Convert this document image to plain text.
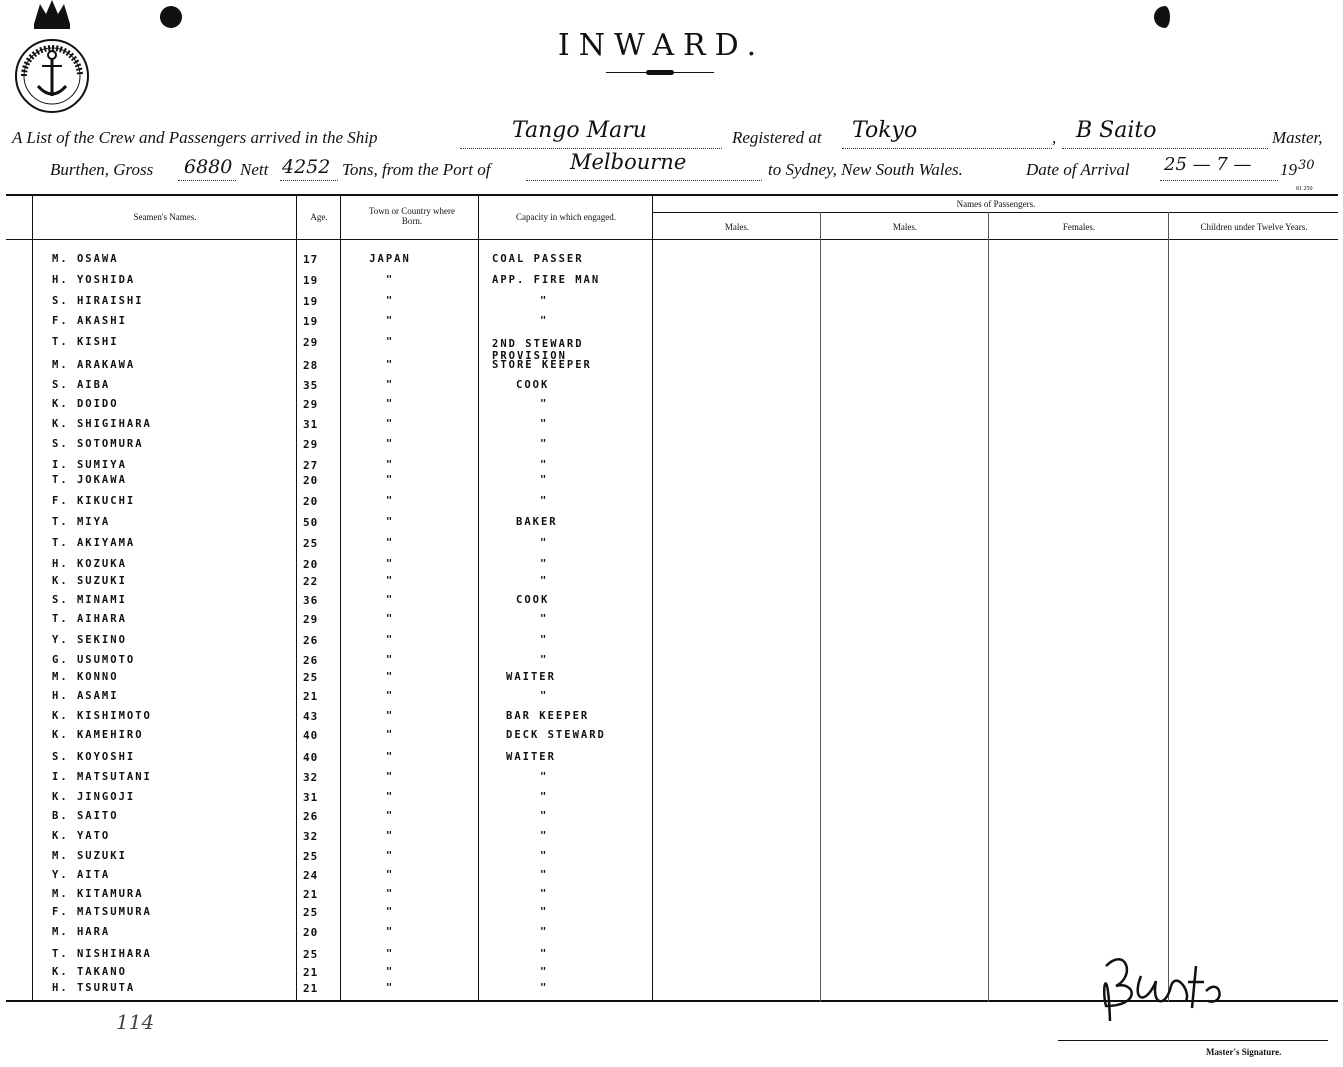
INWARD.
A List of the Crew and Passengers arrived in the Ship	Tango Maru	Registered at Tokyo	, B Saito	Master,
Burthen, Gross 6880 Nett 4252 Tons, from the Port of	Melbourne	to Sydney, New South Wales.	Date of Arrival 25 — 7 — 19 30
81 250
Seamen's Names.	Age.
Town or Country where Born.	Capacity in which engaged.
Names of Passengers.
Males.	Males.	Females.	Children under Twelve Years.
M. OSAWA	17	JAPAN	COAL PASSER
H. YOSHIDA	19	"	APP. FIRE MAN
S. HIRAISHI	19	"	"
F. AKASHI	19	"	"
T. KISHI	29	"	2ND STEWARD
PROVISION
M. ARAKAWA	28	"	STORE KEEPER
S. AIBA	35	"	COOK
K. DOIDO	29	"	"
K. SHIGIHARA	31	"	"
S. SOTOMURA	29	"	"
I. SUMIYA	27	"	"
T. JOKAWA	20	"	"
F. KIKUCHI	20	"	"
T. MIYA	50	"	BAKER
T. AKIYAMA	25	"	"
H. KOZUKA	20	"	"
K. SUZUKI	22	"	"
S. MINAMI	36	"	COOK
T. AIHARA	29	"	"
Y. SEKINO	26	"	"
G. USUMOTO	26	"	"
M. KONNO	25	"	WAITER
H. ASAMI	21	"	"
K. KISHIMOTO	43	"	BAR KEEPER
K. KAMEHIRO	40	"	DECK STEWARD
S. KOYOSHI	40	"	WAITER
I. MATSUTANI	32	"	"
K. JINGOJI	31	"	"
B. SAITO	26	"	"
K. YATO	32	"	"
M. SUZUKI	25	"	"
Y. AITA	24	"	"
M. KITAMURA	21	"	"
F. MATSUMURA	25	"	"
M. HARA	20	"	"
T. NISHIHARA	25	"	"
K. TAKANO	21	"	"
H. TSURUTA	21	"	"
Master's Signature.
114
